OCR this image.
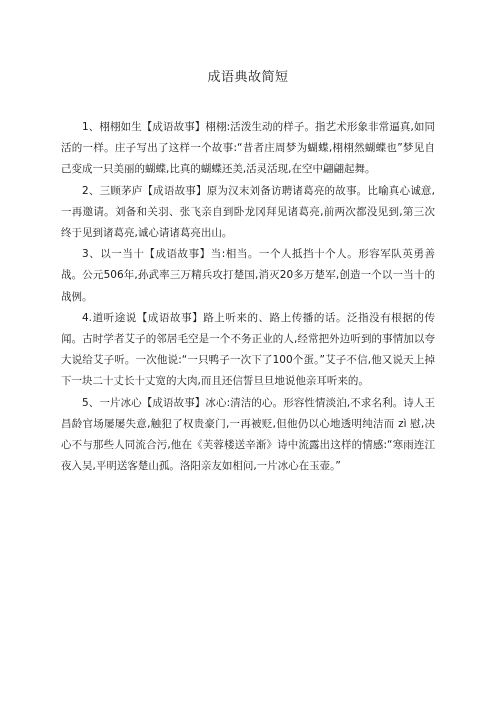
成语典故简短

1、栩栩如生【成语故事】栩栩:活泼生动的样子。指艺术形象非常逼真,如同活的一样。庄子写出了这样一个故事:“昔者庄周梦为蝴蝶,栩栩然蝴蝶也”梦见自己变成一只美丽的蝴蝶,比真的蝴蝶还美,活灵活现,在空中翩翩起舞。

2、三顾茅庐【成语故事】原为汉末刘备访聘诸葛亮的故事。比喻真心诚意,一再邀请。刘备和关羽、张飞亲自到卧龙冈拜见诸葛亮,前两次都没见到,第三次终于见到诸葛亮,诚心请诸葛亮出山。

3、以一当十【成语故事】当:相当。一个人抵挡十个人。形容军队英勇善战。公元506年,孙武率三万精兵攻打楚国,消灭20多万楚军,创造一个以一当十的战例。

4.道听途说【成语故事】路上听来的、路上传播的话。泛指没有根据的传闻。古时学者艾子的邻居毛空是一个不务正业的人,经常把外边听到的事情加以夸大说给艾子听。一次他说:“一只鸭子一次下了100个蛋。”艾子不信,他又说天上掉下一块二十丈长十丈宽的大肉,而且还信誓旦旦地说他亲耳听来的。

5、一片冰心【成语故事】冰心:清洁的心。形容性情淡泊,不求名利。诗人王昌龄官场屡屡失意,触犯了权贵豪门,一再被贬,但他仍以心地透明纯洁而 zì 慰,决心不与那些人同流合污,他在《芙蓉楼送辛渐》诗中流露出这样的情感:“寒雨连江夜入吴,平明送客楚山孤。洛阳亲友如相问,一片冰心在玉壶。”
